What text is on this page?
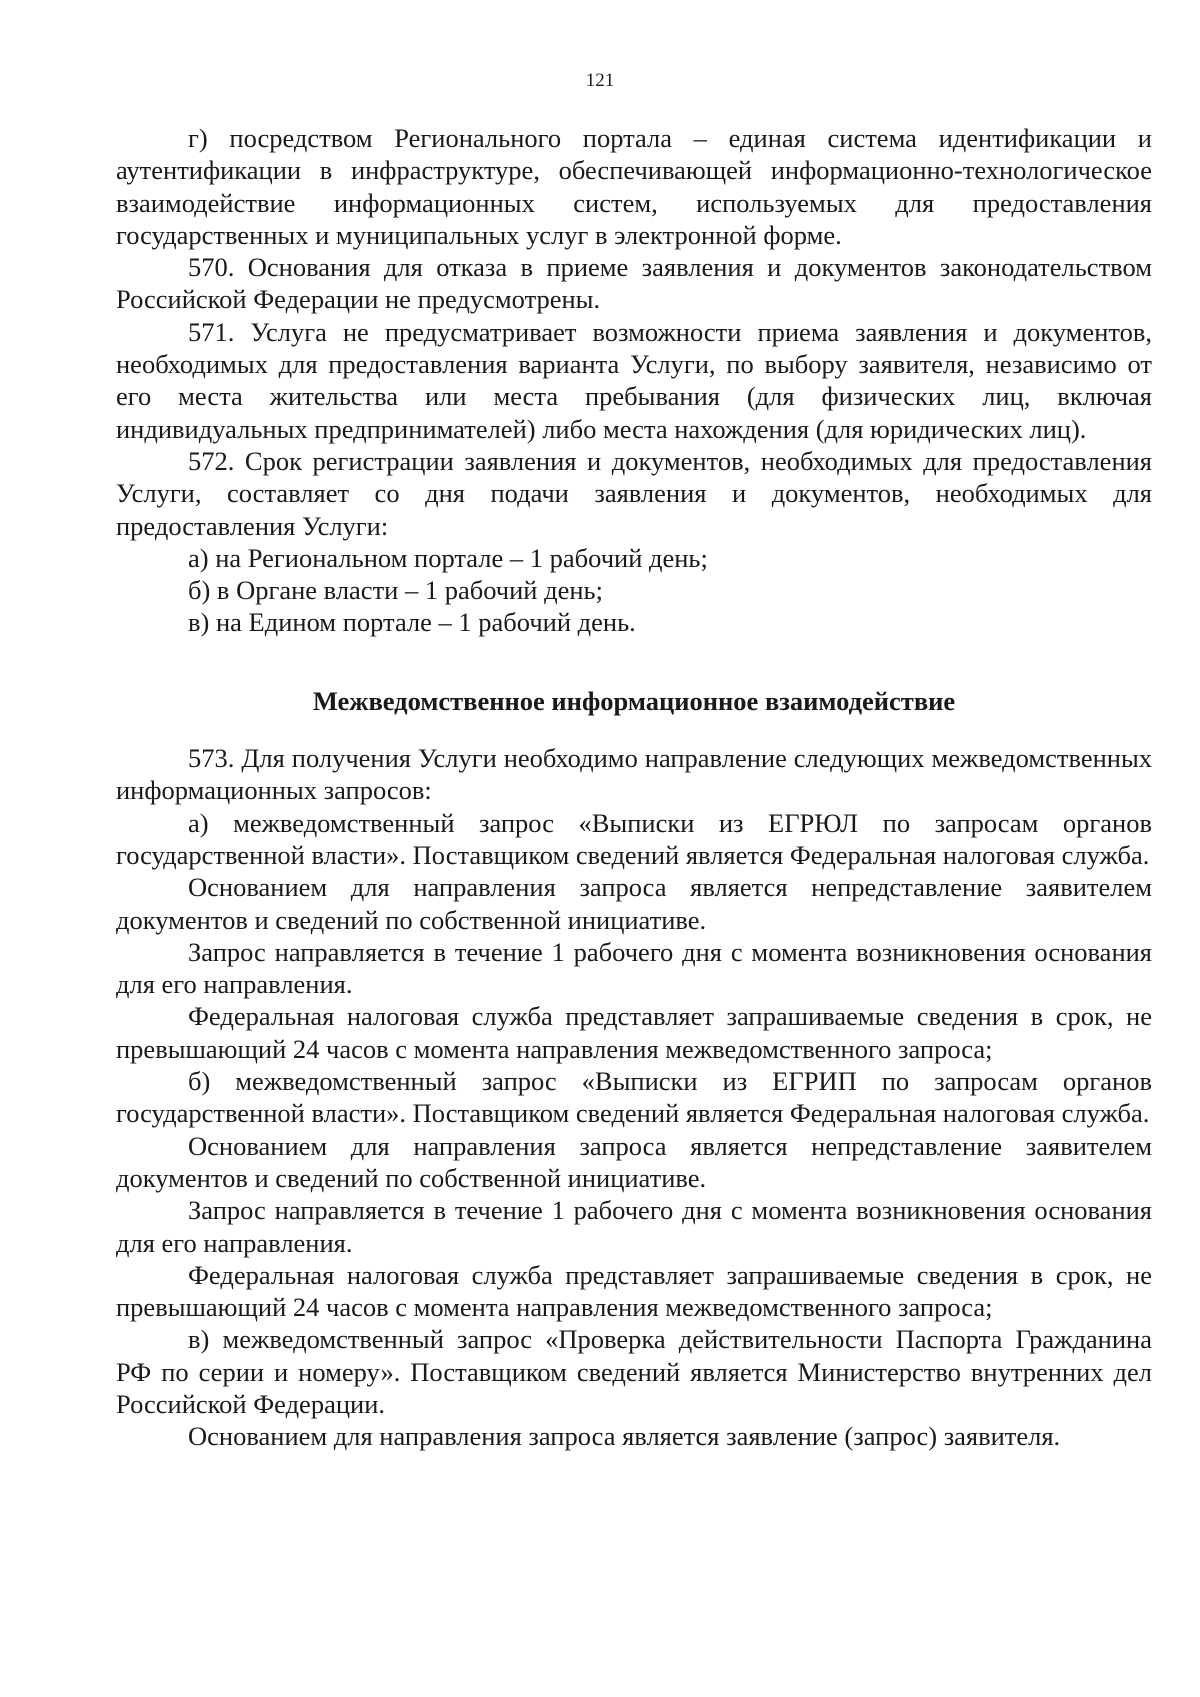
121

г) посредством Регионального портала – единая система идентификации и аутентификации в инфраструктуре, обеспечивающей информационно-технологическое взаимодействие информационных систем, используемых для предоставления государственных и муниципальных услуг в электронной форме.

570. Основания для отказа в приеме заявления и документов законодательством Российской Федерации не предусмотрены.

571. Услуга не предусматривает возможности приема заявления и документов, необходимых для предоставления варианта Услуги, по выбору заявителя, независимо от его места жительства или места пребывания (для физических лиц, включая индивидуальных предпринимателей) либо места нахождения (для юридических лиц).

572. Срок регистрации заявления и документов, необходимых для предоставления Услуги, составляет со дня подачи заявления и документов, необходимых для предоставления Услуги:

а) на Региональном портале – 1 рабочий день;

б) в Органе власти – 1 рабочий день;

в) на Едином портале – 1 рабочий день.

Межведомственное информационное взаимодействие

573. Для получения Услуги необходимо направление следующих межведомственных информационных запросов:

а) межведомственный запрос «Выписки из ЕГРЮЛ по запросам органов государственной власти». Поставщиком сведений является Федеральная налоговая служба.

Основанием для направления запроса является непредставление заявителем документов и сведений по собственной инициативе.

Запрос направляется в течение 1 рабочего дня с момента возникновения основания для его направления.

Федеральная налоговая служба представляет запрашиваемые сведения в срок, не превышающий 24 часов с момента направления межведомственного запроса;

б) межведомственный запрос «Выписки из ЕГРИП по запросам органов государственной власти». Поставщиком сведений является Федеральная налоговая служба.

Основанием для направления запроса является непредставление заявителем документов и сведений по собственной инициативе.

Запрос направляется в течение 1 рабочего дня с момента возникновения основания для его направления.

Федеральная налоговая служба представляет запрашиваемые сведения в срок, не превышающий 24 часов с момента направления межведомственного запроса;

в) межведомственный запрос «Проверка действительности Паспорта Гражданина РФ по серии и номеру». Поставщиком сведений является Министерство внутренних дел Российской Федерации.

Основанием для направления запроса является заявление (запрос) заявителя.
